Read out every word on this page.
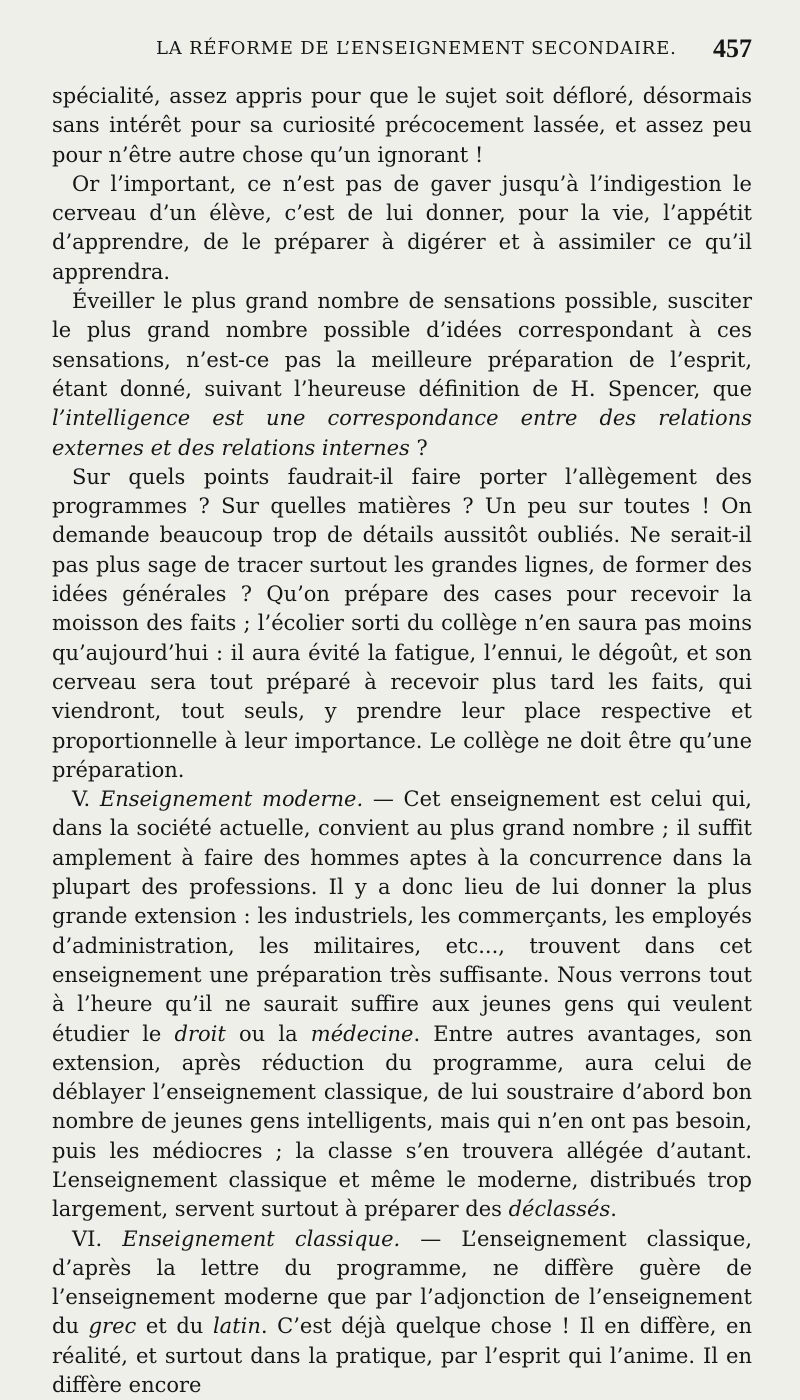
LA RÉFORME DE L’ENSEIGNEMENT SECONDAIRE. 457

spécialité, assez appris pour que le sujet soit défloré, désormais sans intérêt pour sa curiosité précocement lassée, et assez peu pour n’être autre chose qu’un ignorant !

Or l’important, ce n’est pas de gaver jusqu’à l’indigestion le cerveau d’un élève, c’est de lui donner, pour la vie, l’appétit d’apprendre, de le préparer à digérer et à assimiler ce qu’il apprendra.

Éveiller le plus grand nombre de sensations possible, susciter le plus grand nombre possible d’idées correspondant à ces sensations, n’est-ce pas la meilleure préparation de l’esprit, étant donné, suivant l’heureuse définition de H. Spencer, que l’intelligence est une correspondance entre des relations externes et des relations internes ?

Sur quels points faudrait-il faire porter l’allègement des programmes ? Sur quelles matières ? Un peu sur toutes ! On demande beaucoup trop de détails aussitôt oubliés. Ne serait-il pas plus sage de tracer surtout les grandes lignes, de former des idées générales ? Qu’on prépare des cases pour recevoir la moisson des faits ; l’écolier sorti du collège n’en saura pas moins qu’aujourd’hui : il aura évité la fatigue, l’ennui, le dégoût, et son cerveau sera tout préparé à recevoir plus tard les faits, qui viendront, tout seuls, y prendre leur place respective et proportionnelle à leur importance. Le collège ne doit être qu’une préparation.

V. Enseignement moderne. — Cet enseignement est celui qui, dans la société actuelle, convient au plus grand nombre ; il suffit amplement à faire des hommes aptes à la concurrence dans la plupart des professions. Il y a donc lieu de lui donner la plus grande extension : les industriels, les commerçants, les employés d’administration, les militaires, etc..., trouvent dans cet enseignement une préparation très suffisante. Nous verrons tout à l’heure qu’il ne saurait suffire aux jeunes gens qui veulent étudier le droit ou la médecine. Entre autres avantages, son extension, après réduction du programme, aura celui de déblayer l’enseignement classique, de lui soustraire d’abord bon nombre de jeunes gens intelligents, mais qui n’en ont pas besoin, puis les médiocres ; la classe s’en trouvera allégée d’autant. L’enseignement classique et même le moderne, distribués trop largement, servent surtout à préparer des déclassés.

VI. Enseignement classique. — L’enseignement classique, d’après la lettre du programme, ne diffère guère de l’enseignement moderne que par l’adjonction de l’enseignement du grec et du latin. C’est déjà quelque chose ! Il en diffère, en réalité, et surtout dans la pratique, par l’esprit qui l’anime. Il en diffère encore
